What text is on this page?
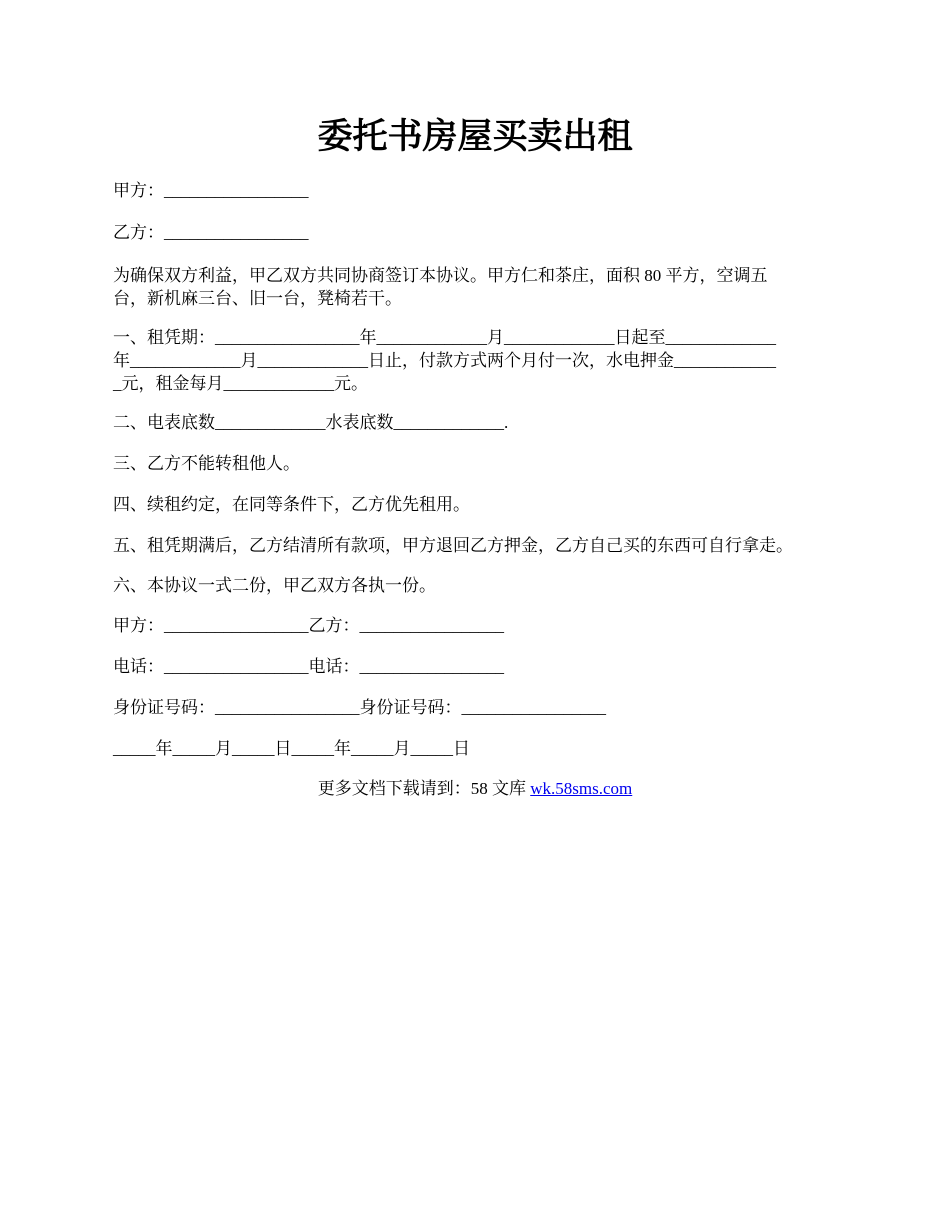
委托书房屋买卖出租
甲方：_________________
乙方：_________________
为确保双方利益，甲乙双方共同协商签订本协议。甲方仁和茶庄，面积 80 平方，空调五
台，新机麻三台、旧一台，凳椅若干。
一、租凭期：_________________年_____________月_____________日起至_____________
年_____________月_____________日止，付款方式两个月付一次，水电押金____________
_元，租金每月_____________元。
二、电表底数_____________水表底数_____________.
三、乙方不能转租他人。
四、续租约定，在同等条件下，乙方优先租用。
五、租凭期满后，乙方结清所有款项，甲方退回乙方押金，乙方自己买的东西可自行拿走。
六、本协议一式二份，甲乙双方各执一份。
甲方：_________________乙方：_________________
电话：_________________电话：_________________
身份证号码：_________________身份证号码：_________________
_____年_____月_____日_____年_____月_____日
更多文档下载请到：58 文库 wk.58sms.com
